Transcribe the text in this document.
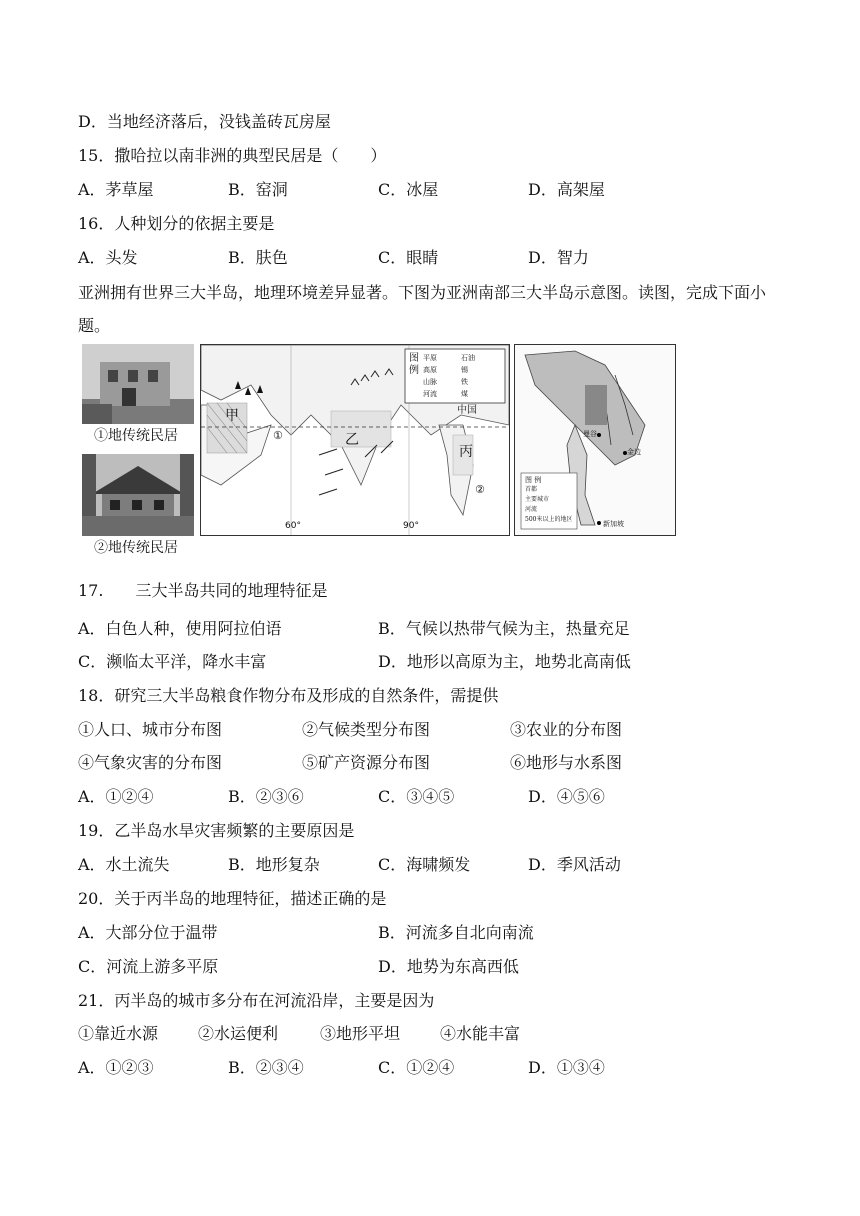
D．当地经济落后，没钱盖砖瓦房屋
15．撒哈拉以南非洲的典型民居是（　　）
A．茅草屋	B．窑洞	C．冰屋	D．高架屋
16．人种划分的依据主要是
A．头发	B．肤色	C．眼睛	D．智力
亚洲拥有世界三大半岛，地理环境差异显著。下图为亚洲南部三大半岛示意图。读图，完成下面小题。
①地传统民居
②地传统民居
甲
乙
丙
中国
①
②
60°	90°
图例
平原	石油 高原	锡 山脉	铁 河流	煤
曼谷
金边
新加坡
图 例
首都
主要城市
河流
500米以上的地区
17.　　三大半岛共同的地理特征是
A．白色人种，使用阿拉伯语	B．气候以热带气候为主，热量充足
C．濒临太平洋，降水丰富	D．地形以高原为主，地势北高南低
18．研究三大半岛粮食作物分布及形成的自然条件，需提供
①人口、城市分布图	②气候类型分布图	③农业的分布图
④气象灾害的分布图	⑤矿产资源分布图	⑥地形与水系图
A．①②④	B．②③⑥	C．③④⑤	D．④⑤⑥
19．乙半岛水旱灾害频繁的主要原因是
A．水土流失	B．地形复杂	C．海啸频发	D．季风活动
20．关于丙半岛的地理特征，描述正确的是
A．大部分位于温带	B．河流多自北向南流
C．河流上游多平原	D．地势为东高西低
21．丙半岛的城市多分布在河流沿岸，主要是因为
①靠近水源 ②水运便利	③地形平坦 ④水能丰富
A．①②③	B．②③④	C．①②④	D．①③④
